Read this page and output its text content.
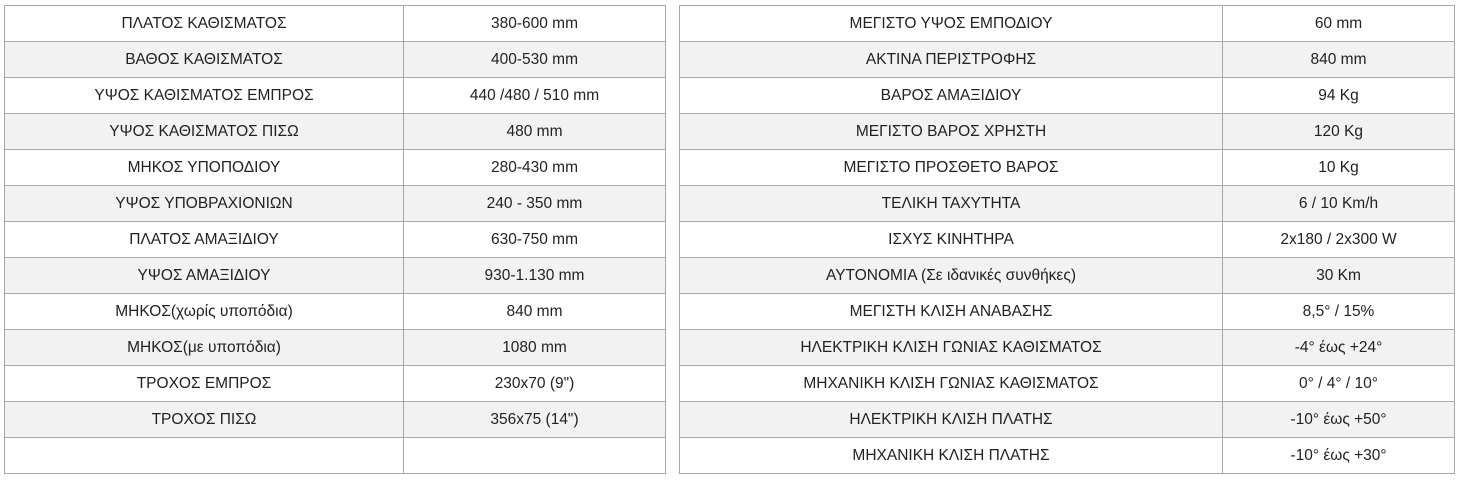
ΠΛΑΤΟΣ ΚΑΘΙΣΜΑΤΟΣ	380-600 mm
ΒΑΘΟΣ ΚΑΘΙΣΜΑΤΟΣ	400-530 mm
ΥΨΟΣ ΚΑΘΙΣΜΑΤΟΣ ΕΜΠΡΟΣ	440 /480 / 510 mm
ΥΨΟΣ ΚΑΘΙΣΜΑΤΟΣ ΠΙΣΩ	480 mm
ΜΗΚΟΣ ΥΠΟΠΟΔΙΟΥ	280-430 mm
ΥΨΟΣ ΥΠΟΒΡΑΧΙΟΝΙΩΝ	240 - 350 mm
ΠΛΑΤΟΣ ΑΜΑΞΙΔΙΟΥ	630-750 mm
ΥΨΟΣ ΑΜΑΞΙΔΙΟΥ	930-1.130 mm
ΜΗΚΟΣ(χωρίς υποπόδια)	840 mm
ΜΗΚΟΣ(με υποπόδια)	1080 mm
ΤΡΟΧΟΣ ΕΜΠΡΟΣ	230x70 (9")
ΤΡΟΧΟΣ ΠΙΣΩ	356x75 (14")

ΜΕΓΙΣΤΟ ΥΨΟΣ ΕΜΠΟΔΙΟΥ	60 mm
ΑΚΤΙΝΑ ΠΕΡΙΣΤΡΟΦΗΣ	840 mm
ΒΑΡΟΣ ΑΜΑΞΙΔΙΟΥ	94 Kg
ΜΕΓΙΣΤΟ ΒΑΡΟΣ ΧΡΗΣΤΗ	120 Kg
ΜΕΓΙΣΤΟ ΠΡΟΣΘΕΤΟ ΒΑΡΟΣ	10 Kg
ΤΕΛΙΚΗ ΤΑΧΥΤΗΤΑ	6 / 10 Km/h
ΙΣΧΥΣ ΚΙΝΗΤΗΡΑ	2x180 / 2x300 W
ΑΥΤΟΝΟΜΙΑ (Σε ιδανικές συνθήκες)	30 Km
ΜΕΓΙΣΤΗ ΚΛΙΣΗ ΑΝΑΒΑΣΗΣ	8,5° / 15%
ΗΛΕΚΤΡΙΚΗ ΚΛΙΣΗ ΓΩΝΙΑΣ ΚΑΘΙΣΜΑΤΟΣ	-4° έως +24°
ΜΗΧΑΝΙΚΗ ΚΛΙΣΗ ΓΩΝΙΑΣ ΚΑΘΙΣΜΑΤΟΣ	0° / 4° / 10°
ΗΛΕΚΤΡΙΚΗ ΚΛΙΣΗ ΠΛΑΤΗΣ	-10° έως +50°
ΜΗΧΑΝΙΚΗ ΚΛΙΣΗ ΠΛΑΤΗΣ	-10° έως +30°
